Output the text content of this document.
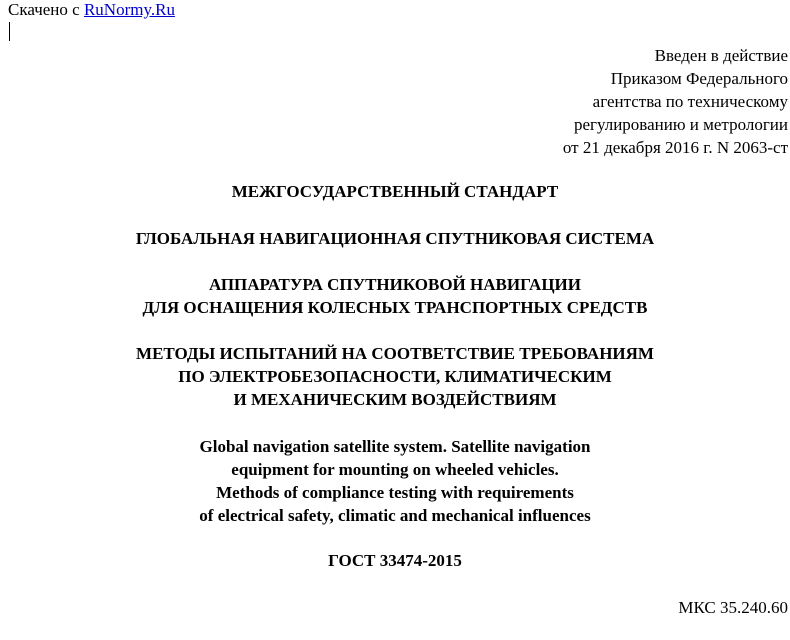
Скачено с RuNormy.Ru
Введен в действие
Приказом Федерального
агентства по техническому
регулированию и метрологии
от 21 декабря 2016 г. N 2063-ст
МЕЖГОСУДАРСТВЕННЫЙ СТАНДАРТ
ГЛОБАЛЬНАЯ НАВИГАЦИОННАЯ СПУТНИКОВАЯ СИСТЕМА
АППАРАТУРА СПУТНИКОВОЙ НАВИГАЦИИ
ДЛЯ ОСНАЩЕНИЯ КОЛЕСНЫХ ТРАНСПОРТНЫХ СРЕДСТВ
МЕТОДЫ ИСПЫТАНИЙ НА СООТВЕТСТВИЕ ТРЕБОВАНИЯМ
ПО ЭЛЕКТРОБЕЗОПАСНОСТИ, КЛИМАТИЧЕСКИМ
И МЕХАНИЧЕСКИМ ВОЗДЕЙСТВИЯМ
Global navigation satellite system. Satellite navigation
equipment for mounting on wheeled vehicles.
Methods of compliance testing with requirements
of electrical safety, climatic and mechanical influences
ГОСТ 33474-2015
МКС 35.240.60
